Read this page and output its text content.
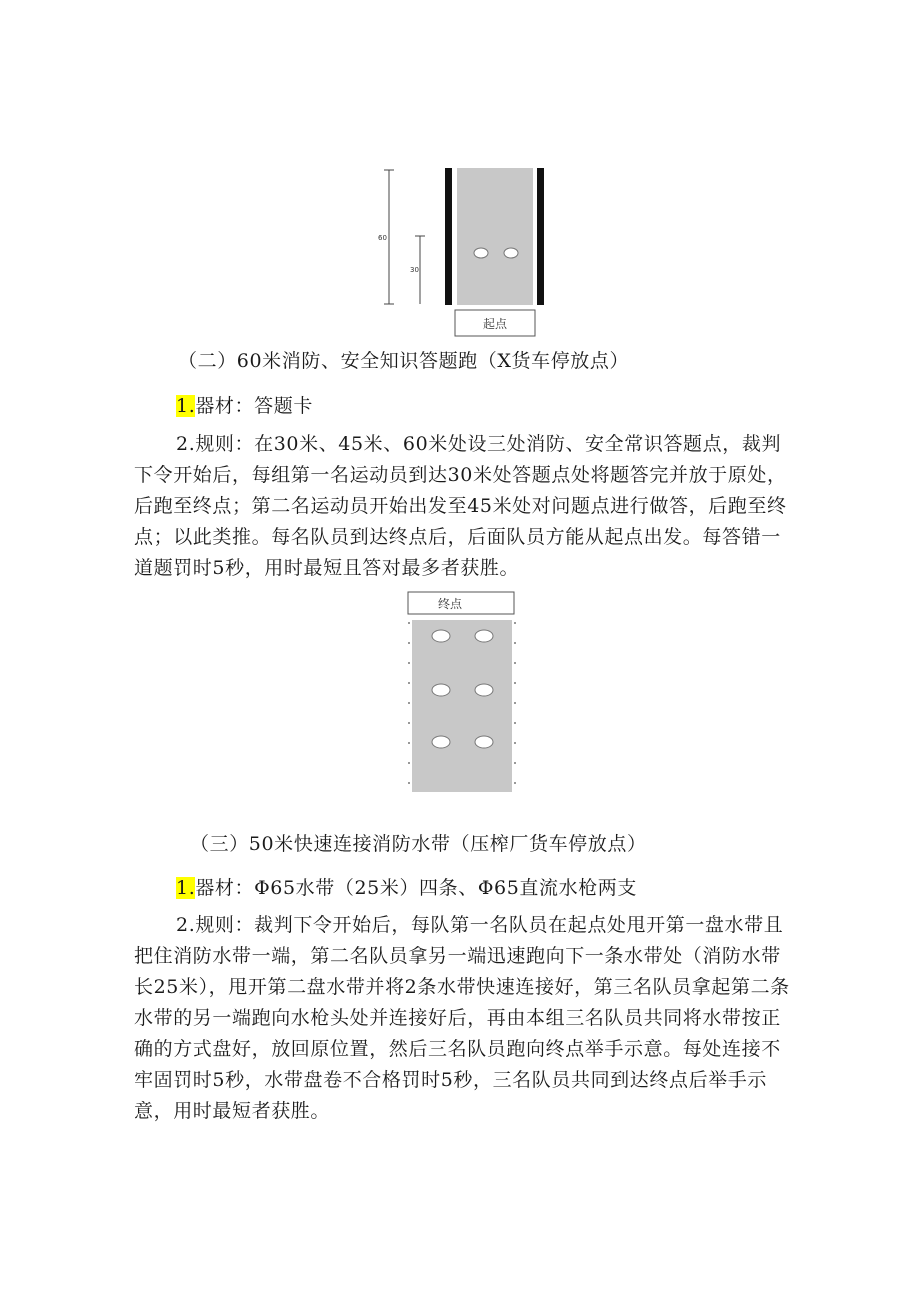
60
30
起点
（二）60米消防、安全知识答题跑（X货车停放点）
1.器材：答题卡

2.规则：在30米、45米、60米处设三处消防、安全常识答题点，裁判下令开始后，每组第一名运动员到达30米处答题点处将题答完并放于原处，后跑至终点；第二名运动员开始出发至45米处对问题点进行做答，后跑至终点；以此类推。每名队员到达终点后，后面队员方能从起点出发。每答错一道题罚时5秒，用时最短且答对最多者获胜。

终点
（三）50米快速连接消防水带（压榨厂货车停放点）
1.器材：Φ65水带（25米）四条、Φ65直流水枪两支

2.规则：裁判下令开始后，每队第一名队员在起点处甩开第一盘水带且把住消防水带一端，第二名队员拿另一端迅速跑向下一条水带处（消防水带长25米），甩开第二盘水带并将2条水带快速连接好，第三名队员拿起第二条水带的另一端跑向水枪头处并连接好后，再由本组三名队员共同将水带按正确的方式盘好，放回原位置，然后三名队员跑向终点举手示意。每处连接不牢固罚时5秒，水带盘卷不合格罚时5秒，三名队员共同到达终点后举手示意，用时最短者获胜。
